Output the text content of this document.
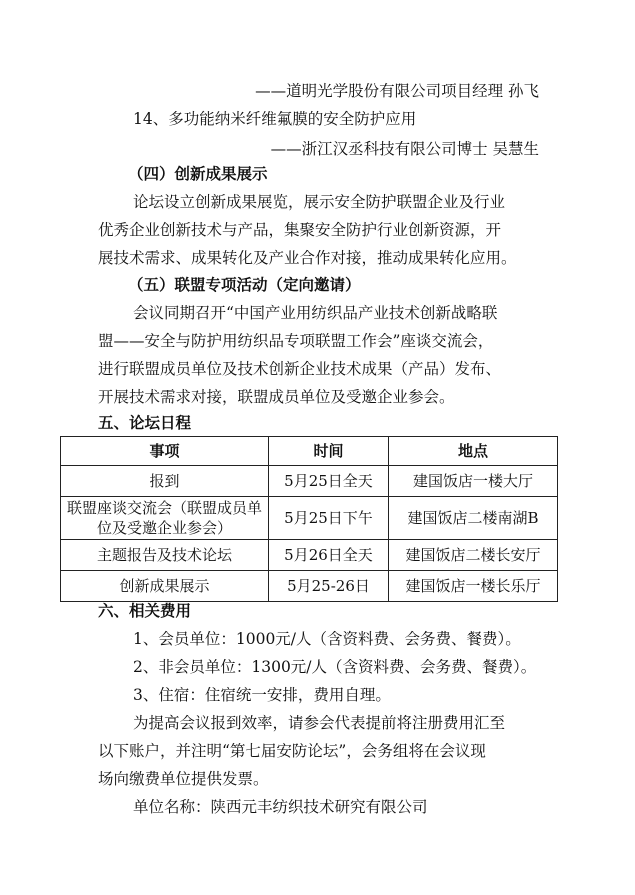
——道明光学股份有限公司项目经理 孙飞
14、多功能纳米纤维氟膜的安全防护应用
——浙江汉丞科技有限公司博士 吴慧生
（四）创新成果展示
论坛设立创新成果展览，展示安全防护联盟企业及行业
优秀企业创新技术与产品，集聚安全防护行业创新资源，开
展技术需求、成果转化及产业合作对接，推动成果转化应用。
（五）联盟专项活动（定向邀请）
会议同期召开“中国产业用纺织品产业技术创新战略联
盟——安全与防护用纺织品专项联盟工作会”座谈交流会，
进行联盟成员单位及技术创新企业技术成果（产品）发布、
开展技术需求对接，联盟成员单位及受邀企业参会。
五、论坛日程
事项	时间	地点
报到	5月25日全天	建国饭店一楼大厅
联盟座谈交流会（联盟成员单位及受邀企业参会）	5月25日下午	建国饭店二楼南湖B
主题报告及技术论坛	5月26日全天	建国饭店二楼长安厅
创新成果展示	5月25-26日	建国饭店一楼长乐厅
六、相关费用
1、会员单位：1000元/人（含资料费、会务费、餐费）。
2、非会员单位：1300元/人（含资料费、会务费、餐费）。
3、住宿：住宿统一安排，费用自理。
为提高会议报到效率，请参会代表提前将注册费用汇至
以下账户，并注明“第七届安防论坛”，会务组将在会议现
场向缴费单位提供发票。
单位名称：陕西元丰纺织技术研究有限公司
